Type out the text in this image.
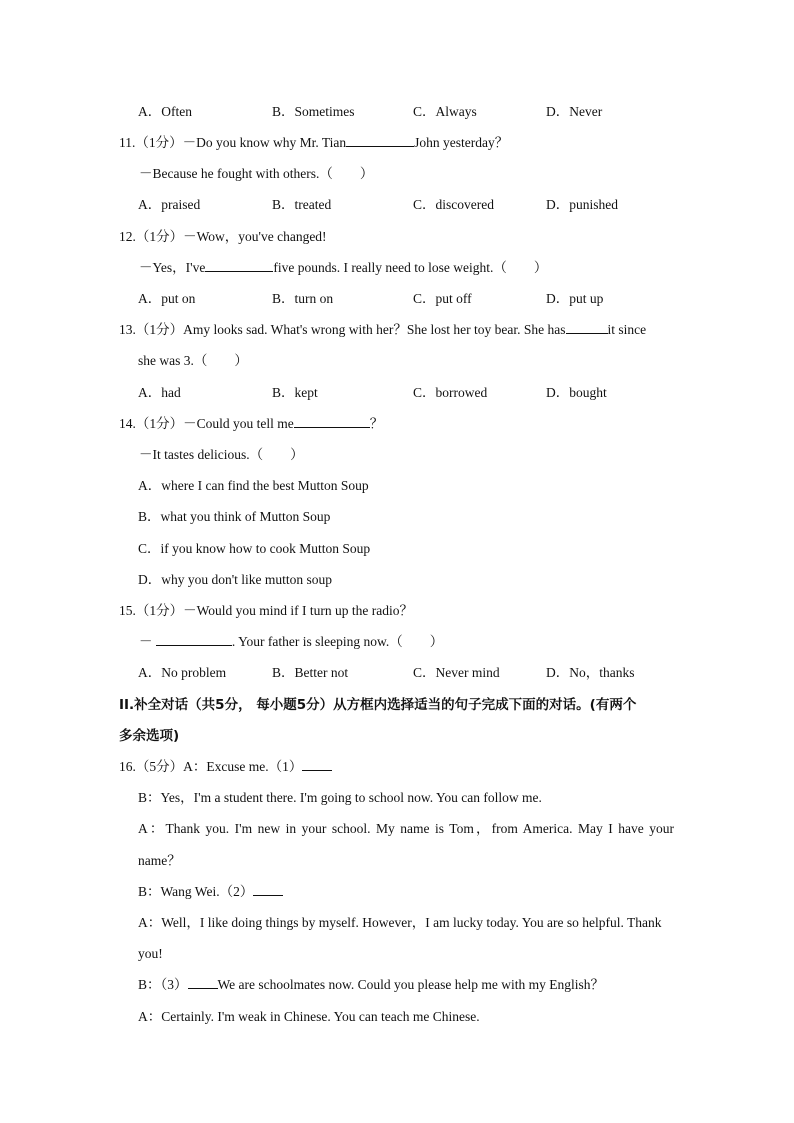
A．Often	B．Sometimes	C．Always	D．Never
11.（1分）－Do you know why Mr. Tian	John yesterday？
－Because he fought with others.（　　）
A．praised	B．treated	C．discovered	D．punished
12.（1分）－Wow，you've changed!
－Yes，I've	five pounds. I really need to lose weight.（　　）
A．put on	B．turn on	C．put off	D．put up
13.（1分）Amy looks sad. What's wrong with her？She lost her toy bear. She has	it since
she was 3.（　　）
A．had	B．kept	C．borrowed	D．bought
14.（1分）－Could you tell me	？
－It tastes delicious.（　　）
A．where I can find the best Mutton Soup
B．what you think of Mutton Soup
C．if you know how to cook Mutton Soup
D．why you don't like mutton soup
15.（1分）－Would you mind if I turn up the radio？
－	. Your father is sleeping now.（　　）
A．No problem	B．Better not	C．Never mind	D．No，thanks
II.补全对话（共5分， 每小题5分）从方框内选择适当的句子完成下面的对话。(有两个
多余选项)
16.（5分）A：Excuse me.（1）
B：Yes，I'm a student there. I'm going to school now. You can follow me.
A：Thank you. I'm new in your school. My name is Tom，from America. May I have your
name？
B：Wang Wei.（2）
A：Well，I like doing things by myself. However，I am lucky today. You are so helpful. Thank
you!
B：（3） We are schoolmates now. Could you please help me with my English？
A：Certainly. I'm weak in Chinese. You can teach me Chinese.
